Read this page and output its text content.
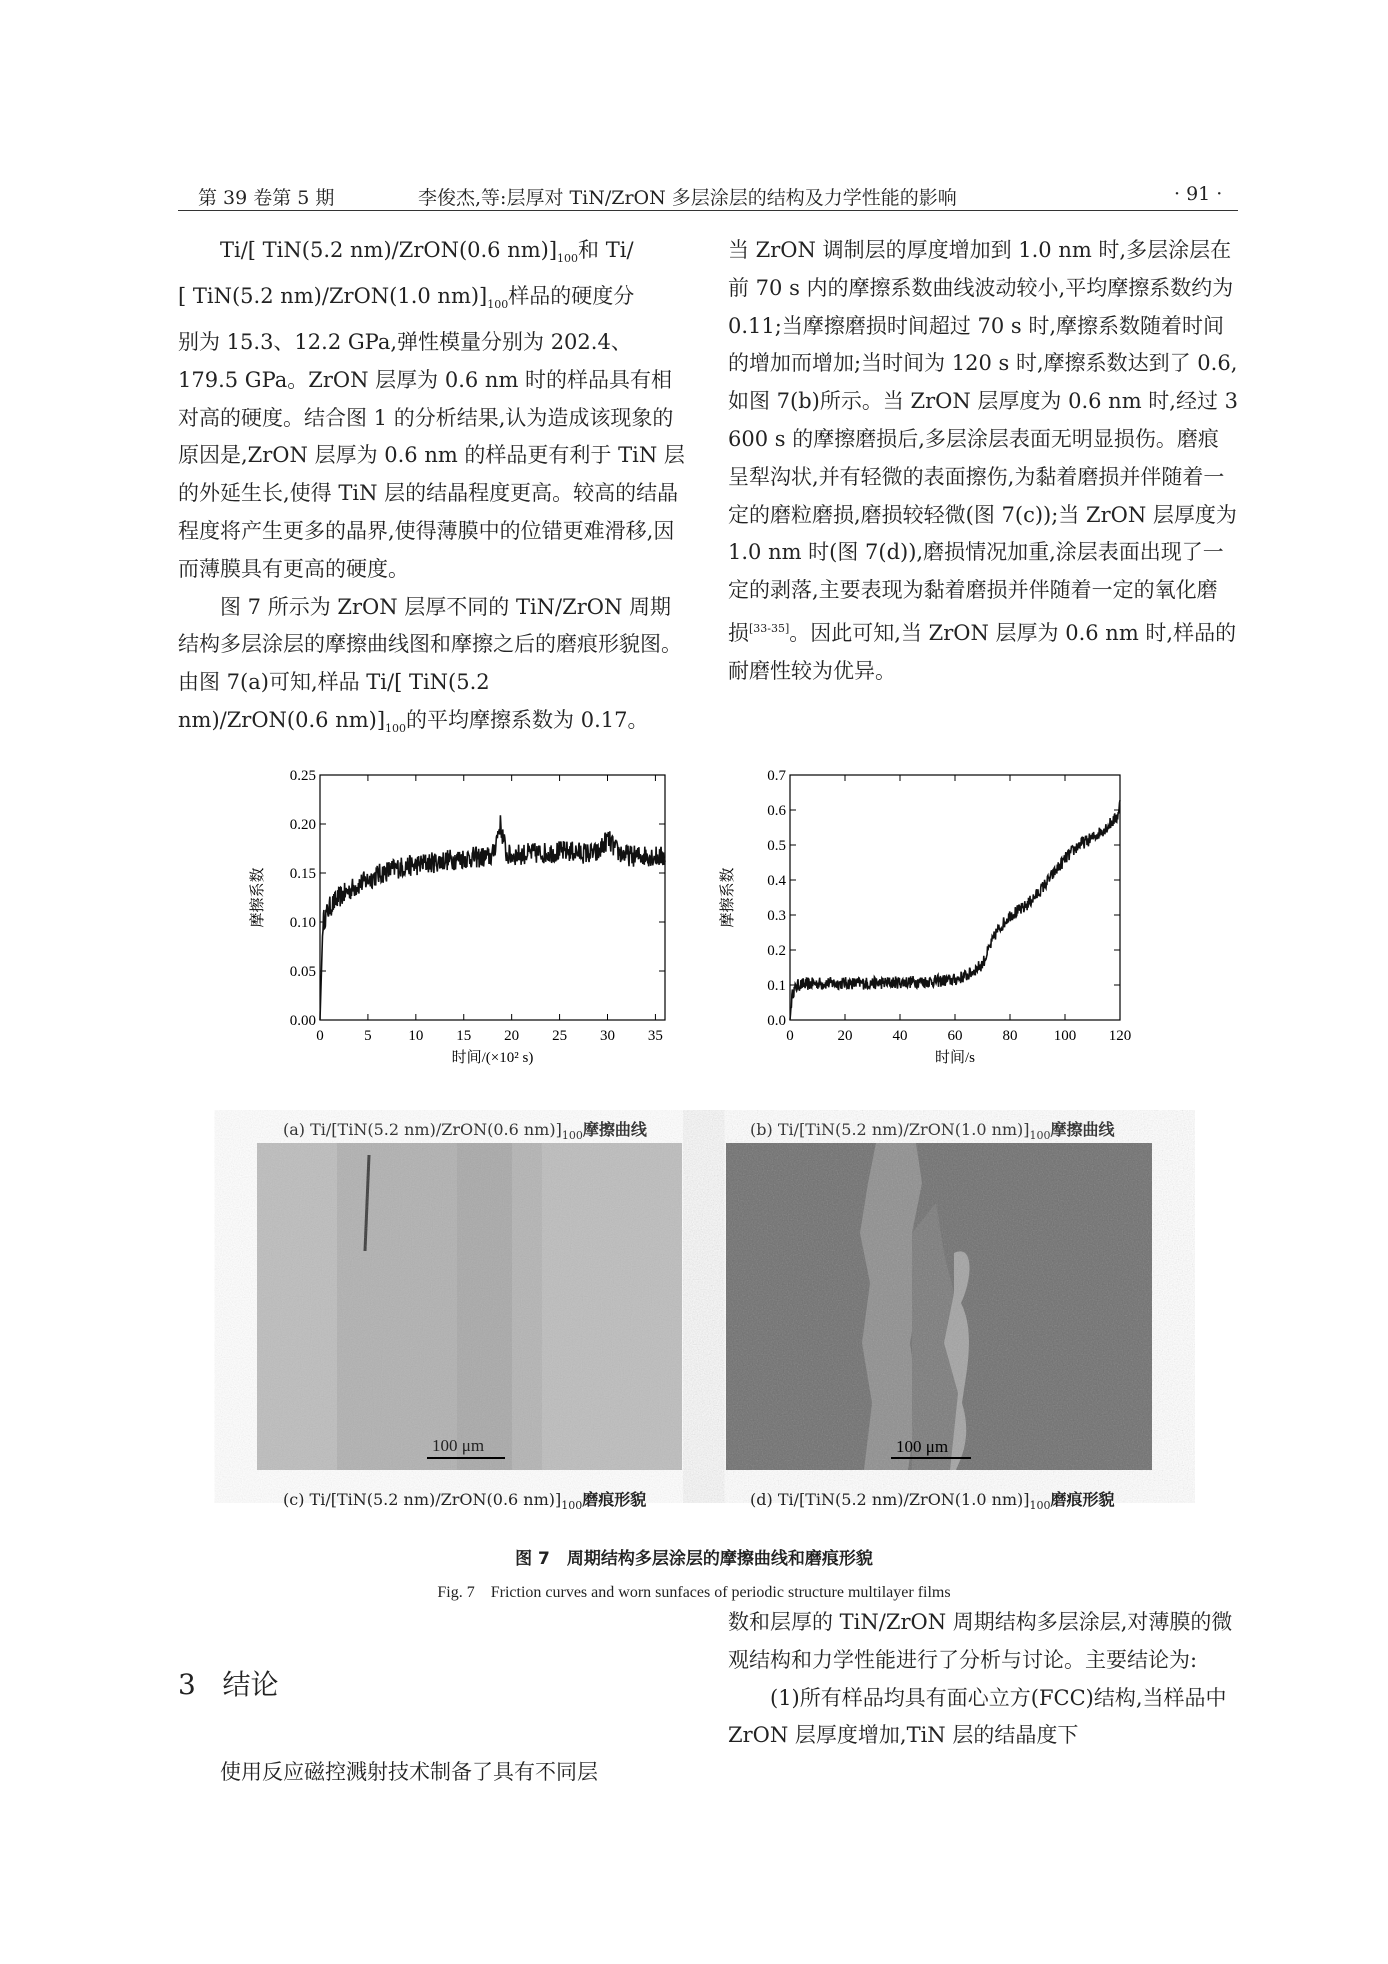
第 39 卷第 5 期	李俊杰,等:层厚对 TiN/ZrON 多层涂层的结构及力学性能的影响	· 91 ·

Ti/[ TiN(5.2 nm)/ZrON(0.6 $nm)]_{100}$和 Ti/

[ TiN(5.2 nm)/ZrON(1.0 $nm)]_{100}$样品的硬度分

别为 15.3、12.2 GPa,弹性模量分别为 202.4、179.5 GPa。ZrON 层厚为 0.6 nm 时的样品具有相对高的硬度。结合图 1 的分析结果,认为造成该现象的原因是,ZrON 层厚为 0.6 nm 的样品更有利于 TiN 层的外延生长,使得 TiN 层的结晶程度更高。较高的结晶程度将产生更多的晶界,使得薄膜中的位错更难滑移,因而薄膜具有更高的硬度。

图 7 所示为 ZrON 层厚不同的 TiN/ZrON 周期结构多层涂层的摩擦曲线图和摩擦之后的磨痕形貌图。由图 7(a)可知,样品 Ti/[ TiN(5.2

nm)/ZrON(0.6 $nm)]_{100}$的平均摩擦系数为 0.17。

当 ZrON 调制层的厚度增加到 1.0 nm 时,多层涂层在前 70 s 内的摩擦系数曲线波动较小,平均摩擦系数约为 0.11;当摩擦磨损时间超过 70 s 时,摩擦系数随着时间的增加而增加;当时间为 120 s 时,摩擦系数达到了 0.6,如图 7(b)所示。当 ZrON 层厚度为 0.6 nm 时,经过 3 600 s 的摩擦磨损后,多层涂层表面无明显损伤。磨痕呈犁沟状,并有轻微的表面擦伤,为黏着磨损并伴随着一定的磨粒磨损,磨损较轻微(图 7(c));当 ZrON 层厚度为 1.0 nm 时(图 7(d)),磨损情况加重,涂层表面出现了一定的剥落,主要表现为黏着磨损并伴随着一定的氧化磨损[33-35]。因此可知,当 ZrON 层厚为 0.6 nm 时,样品的耐磨性较为优异。

0	5 10 15 20 25 30 35
0.00
0.05
0.10
0.15
0.20
0.25
时间/(×10² s)
摩擦系数
0	20	40	60	80 100 120
0.0
0.1
0.2
0.3
0.4
0.5
0.6
0.7
时间/s
摩擦系数
(a) Ti/[TiN(5.2 nm)/ZrON(0.6 $nm)]_{100}$摩擦曲线	(b) Ti/[TiN(5.2 nm)/ZrON(1.0 $nm)]_{100}$摩擦曲线
100 μm	100 μm
(c) Ti/[TiN(5.2 nm)/ZrON(0.6 $nm)]_{100}$磨痕形貌	(d) Ti/[TiN(5.2 nm)/ZrON(1.0 $nm)]_{100}$磨痕形貌
图 7　周期结构多层涂层的摩擦曲线和磨痕形貌
Fig. 7　Friction curves and worn sunfaces of periodic structure multilayer films
3 结论

使用反应磁控溅射技术制备了具有不同层

数和层厚的 TiN/ZrON 周期结构多层涂层,对薄膜的微观结构和力学性能进行了分析与讨论。主要结论为:

(1)所有样品均具有面心立方(FCC)结构,当样品中 ZrON 层厚度增加,TiN 层的结晶度下
